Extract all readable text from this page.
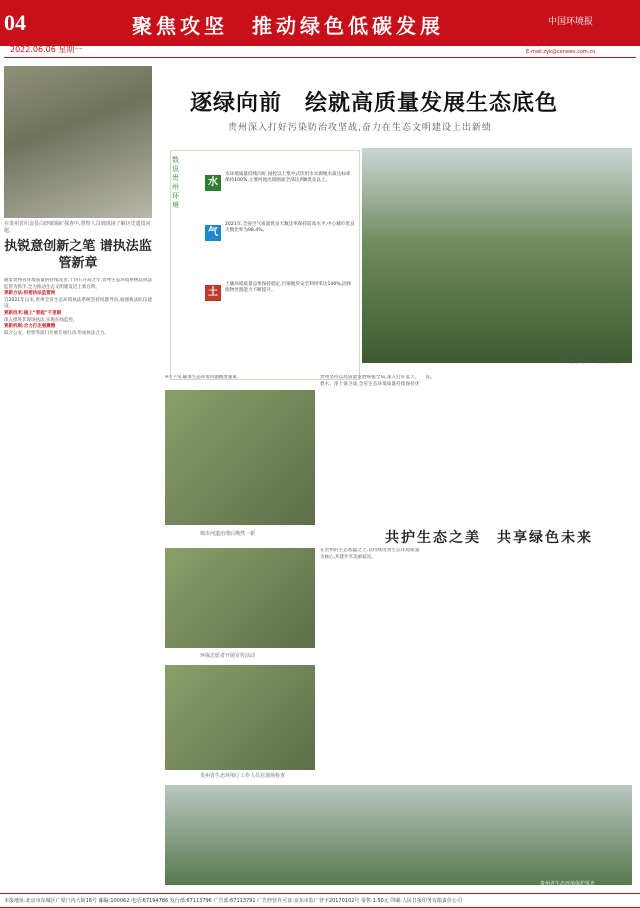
04	聚焦攻坚　推动绿色低碳发展	中国环境报
编辑:苏秀
电话:(010)67105295
传真:(010)67112957
E-mail:zyk@cenews.com.cn
2022.06.06 星期一
在贵州省织金县白砂镇锡矿探查中,督察人员到现场了解历史遗留问题。
执锐意创新之笔 谱执法监管新章

随着贵州省环境质量的持续改善,十四五开局之年,贵州生态环境系统以执法监管为抓手,全力推动生态文明建设迈上新台阶。

更新方法:织密执法监管网

自2021年以来,贵州全省生态环境执法系统坚持问题导向,加强执法队伍建设。

更新技术:插上“智能”千里眼

深入推进非现场执法,实施在线监控。

更新机制:合力打出强震慑

联合公安、检察等部门开展专项行动,形成执法合力。

逐绿向前　绘就高质量发展生态底色
贵州深入打好污染防治攻坚战,奋力在生态文明建设上出新绩
数说贵州环境
水
水环境质量持续向好,国控以上集中式饮用水水源地水质达标率保持100%,主要河流出境断面全部达到Ⅲ类及以上。
气
2021年,全省空气质量优良天数比率保持较高水平,中心城市优良天数比率为98.4%。
土
土壤环境质量总体保持稳定,污染地块安全利用率达100%,固体废物处置能力不断提升。
贵州省黔南州百里杜鹃景区

9月下旬,瞄准生态环境问题精准施策。

城市河道治理后焕然一新
环保志愿者开展宣传活动
贵州省生态环境厅工作人员在现场检查
贵州省生态环境保护风光

贵州坚持以高质量发展统揽全局,深入打好蓝天、碧水、净土保卫战,全省生态环境质量持续保持优良。

共护生态之美　共享绿色未来

在贵州的生态底蕴之上,以持续改善生态环境质量为核心,共建共享美丽家园。

本报地址:北京市东城区广渠门内大街16号 邮编:100062 电话:67194786 发行部:67113796 广告部:67113791 广告经营许可证:京东市监广登字20170102号 零售:1.50元 印刷:人民日报印务有限责任公司
